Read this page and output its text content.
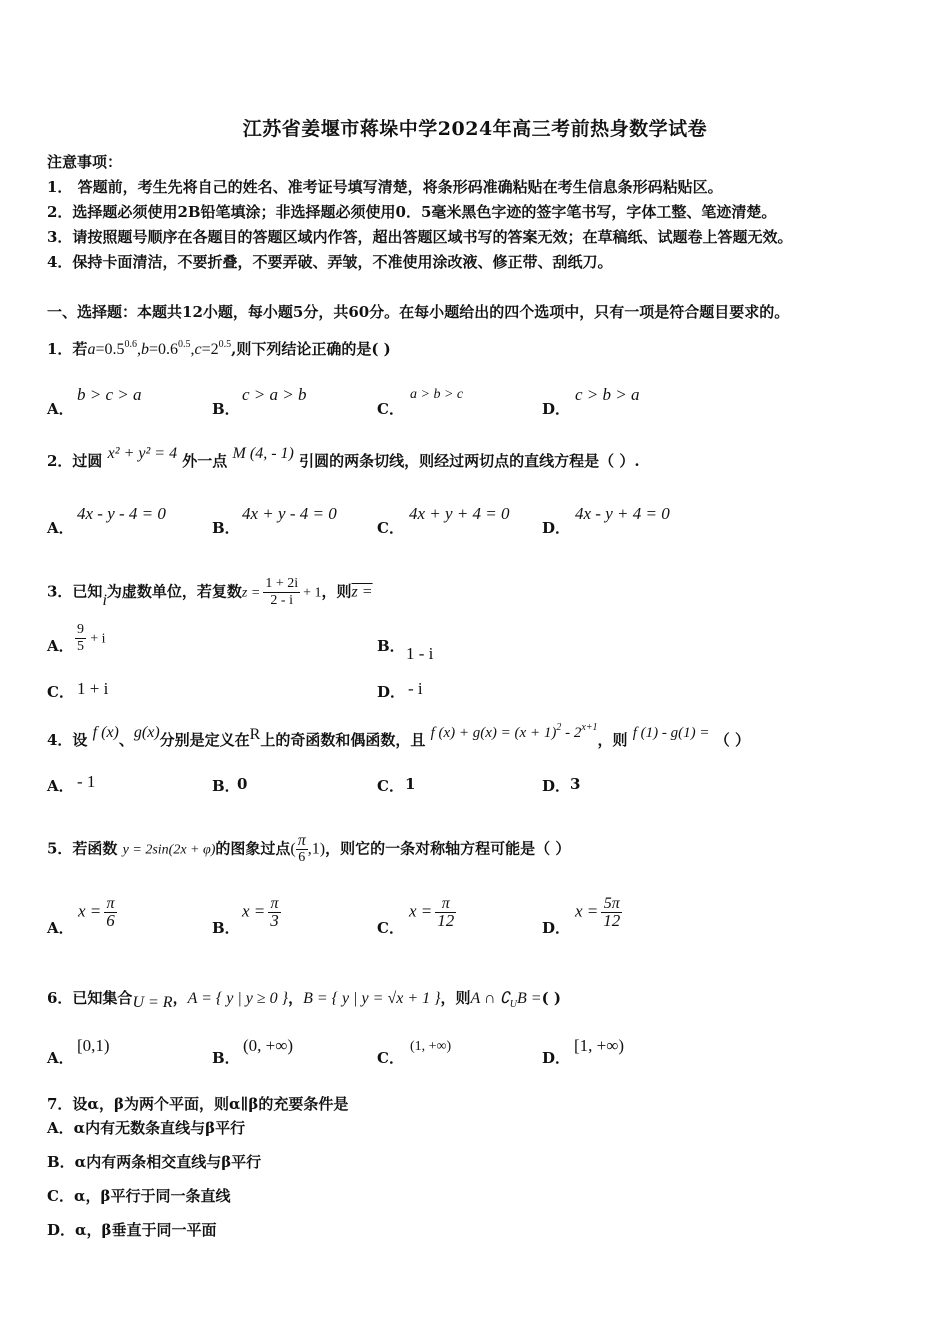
江苏省姜堰市蒋垛中学2024年高三考前热身数学试卷
注意事项：
1． 答题前，考生先将自己的姓名、准考证号填写清楚，将条形码准确粘贴在考生信息条形码粘贴区。
2．选择题必须使用2B铅笔填涂；非选择题必须使用0．5毫米黑色字迹的签字笔书写，字体工整、笔迹清楚。
3．请按照题号顺序在各题目的答题区域内作答，超出答题区域书写的答案无效；在草稿纸、试题卷上答题无效。
4．保持卡面清洁，不要折叠，不要弄破、弄皱，不准使用涂改液、修正带、刮纸刀。
一、选择题：本题共12小题，每小题5分，共60分。在每小题给出的四个选项中，只有一项是符合题目要求的。
1．若$a=0.5^{0.6},b=0.6^{0.5},c=2^{0.5}$,则下列结论正确的是( )
A．
b > c > a
B．
c > a > b
C．
a > b > c
D．
c > b > a
2．过圆 x² + y² = 4 外一点 M (4, - 1) 引圆的两条切线，则经过两切点的直线方程是（ ）.
A．
4x - y - 4 = 0
B．
4x + y - 4 = 0
C．
4x + y + 4 = 0
D．
4x - y + 4 = 0
3．已知i为虚数单位，若复数$z = \frac{1 + 2i}{2 - i} + 1$，则z =
A． $\frac{9}{5} + i$	B． 1 - i
C． 1 + i	D． - i
4．设 f (x)、g(x)分别是定义在R上的奇函数和偶函数，且 f $(x) + g(x) = (x + 1)^2 - 2^{x+1}$，则 f (1) - g(1) = （ ）
A． - 1	B．
0	C． 1	D． 3
5．若函数 y = 2sin(2x + φ)的图象过点( $\frac{\pi}{6} ,1$)，则它的一条对称轴方程可能是（ ）
A．
$x = \frac{\pi}{6}$	B．
$x = \frac{\pi}{3}$	C．
$x = \frac{\pi}{12}$	D．
$x = \frac{5\pi}{12}$
6．已知集合U = R，A = { y | y ≥ 0 }，B = { y | y = √x + 1 }，则A ∩ $∁_UB$ =( )
A．
[0,1)
B．
(0, +∞)
C．
(1, +∞)
D．
[1, +∞)
7．设α，β为两个平面，则α∥β的充要条件是
A．α内有无数条直线与β平行
B．α内有两条相交直线与β平行
C．α，β平行于同一条直线
D．α，β垂直于同一平面
